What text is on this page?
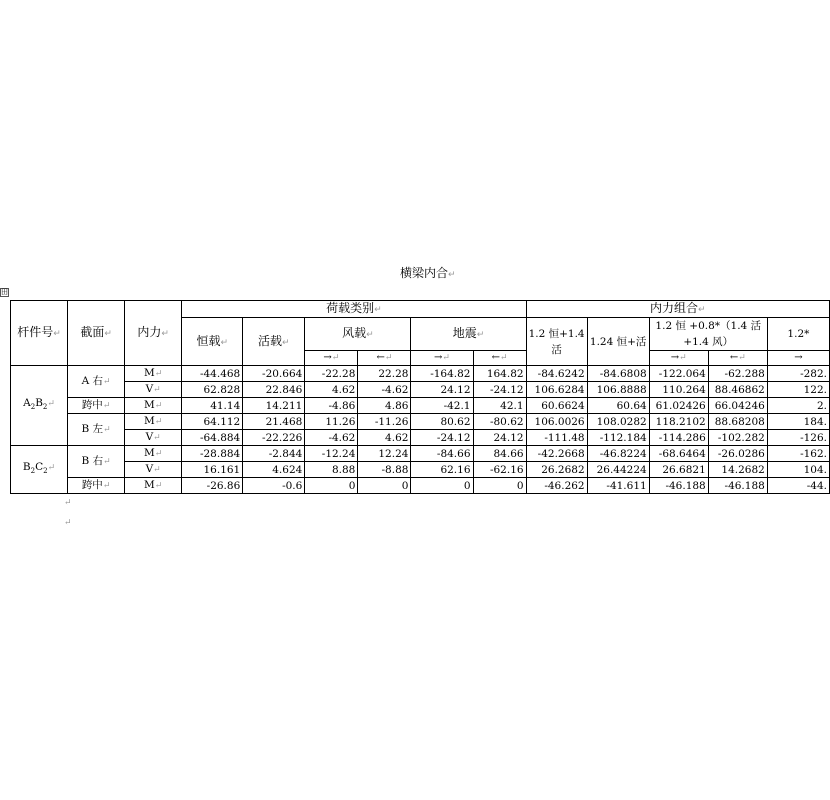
横梁内合↵
田
杆件号↵	截面↵	内力↵	荷载类别↵						内力组合↵				
			恒载↵	活载↵	风载↵		地震↵		1.2 恒+1.4 活	1.24 恒+活	1.2 恒 +0.8*（1.4 活+1.4 风）		1.2*
					→↵	←↵	→↵	←↵			→↵	←↵	→
$A_2B_2↵$	A 右↵	M↵	-44.468	-20.664	-22.28	22.28	-164.82	164.82	-84.6242	-84.6808	-122.064	-62.288	-282.
		V↵	62.828	22.846	4.62	-4.62	24.12	-24.12	106.6284	106.8888	110.264	88.46862	122.
	跨中↵	M↵	41.14	14.211	-4.86	4.86	-42.1	42.1	60.6624	60.64	61.02426	66.04246	2.
	B 左↵	M↵	64.112	21.468	11.26	-11.26	80.62	-80.62	106.0026	108.0282	118.2102	88.68208	184.
		V↵	-64.884	-22.226	-4.62	4.62	-24.12	24.12	-111.48	-112.184	-114.286	-102.282	-126.
$B_2C_2↵$	B 右↵	M↵	-28.884	-2.844	-12.24	12.24	-84.66	84.66	-42.2668	-46.8224	-68.6464	-26.0286	-162.
		V↵	16.161	4.624	8.88	-8.88	62.16	-62.16	26.2682	26.44224	26.6821	14.2682	104.
	跨中↵	M↵	-26.86	-0.6	0	0	0	0	-46.262	-41.611	-46.188	-46.188	-44.
↵
↵
